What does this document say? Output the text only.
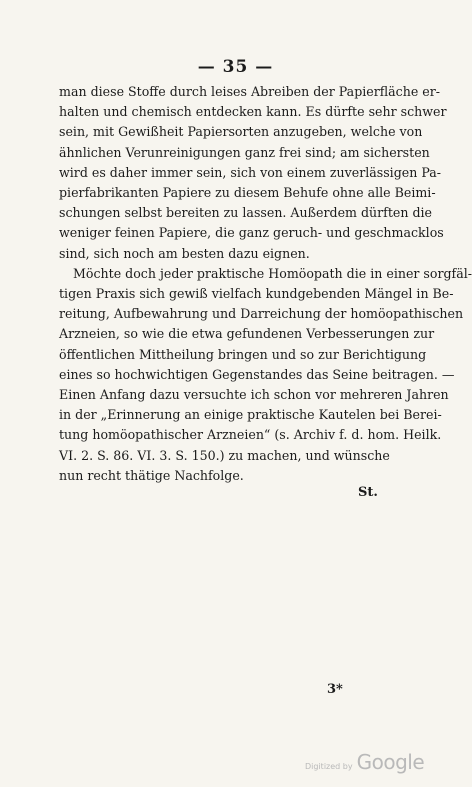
— 35 —
man diese Stoffe durch leises Abreiben der Papierfläche er-
halten und chemisch entdecken kann. Es dürfte sehr schwer
sein, mit Gewißheit Papiersorten anzugeben, welche von
ähnlichen Verunreinigungen ganz frei sind; am sichersten
wird es daher immer sein, sich von einem zuverlässigen Pa-
pierfabrikanten Papiere zu diesem Behufe ohne alle Beimi-
schungen selbst bereiten zu lassen. Außerdem dürften die
weniger feinen Papiere, die ganz geruch- und geschmacklos
sind, sich noch am besten dazu eignen.
Möchte doch jeder praktische Homöopath die in einer sorgfäl-
tigen Praxis sich gewiß vielfach kundgebenden Mängel in Be-
reitung, Aufbewahrung und Darreichung der homöopathischen
Arzneien, so wie die etwa gefundenen Verbesserungen zur
öffentlichen Mittheilung bringen und so zur Berichtigung
eines so hochwichtigen Gegenstandes das Seine beitragen. —
Einen Anfang dazu versuchte ich schon vor mehreren Jahren
in der „Erinnerung an einige praktische Kautelen bei Berei-
tung homöopathischer Arzneien“ (s. Archiv f. d. hom. Heilk.
VI. 2. S. 86. VI. 3. S. 150.) zu machen, und wünsche
nun recht thätige Nachfolge.
St.
3*
Digitized by Google
